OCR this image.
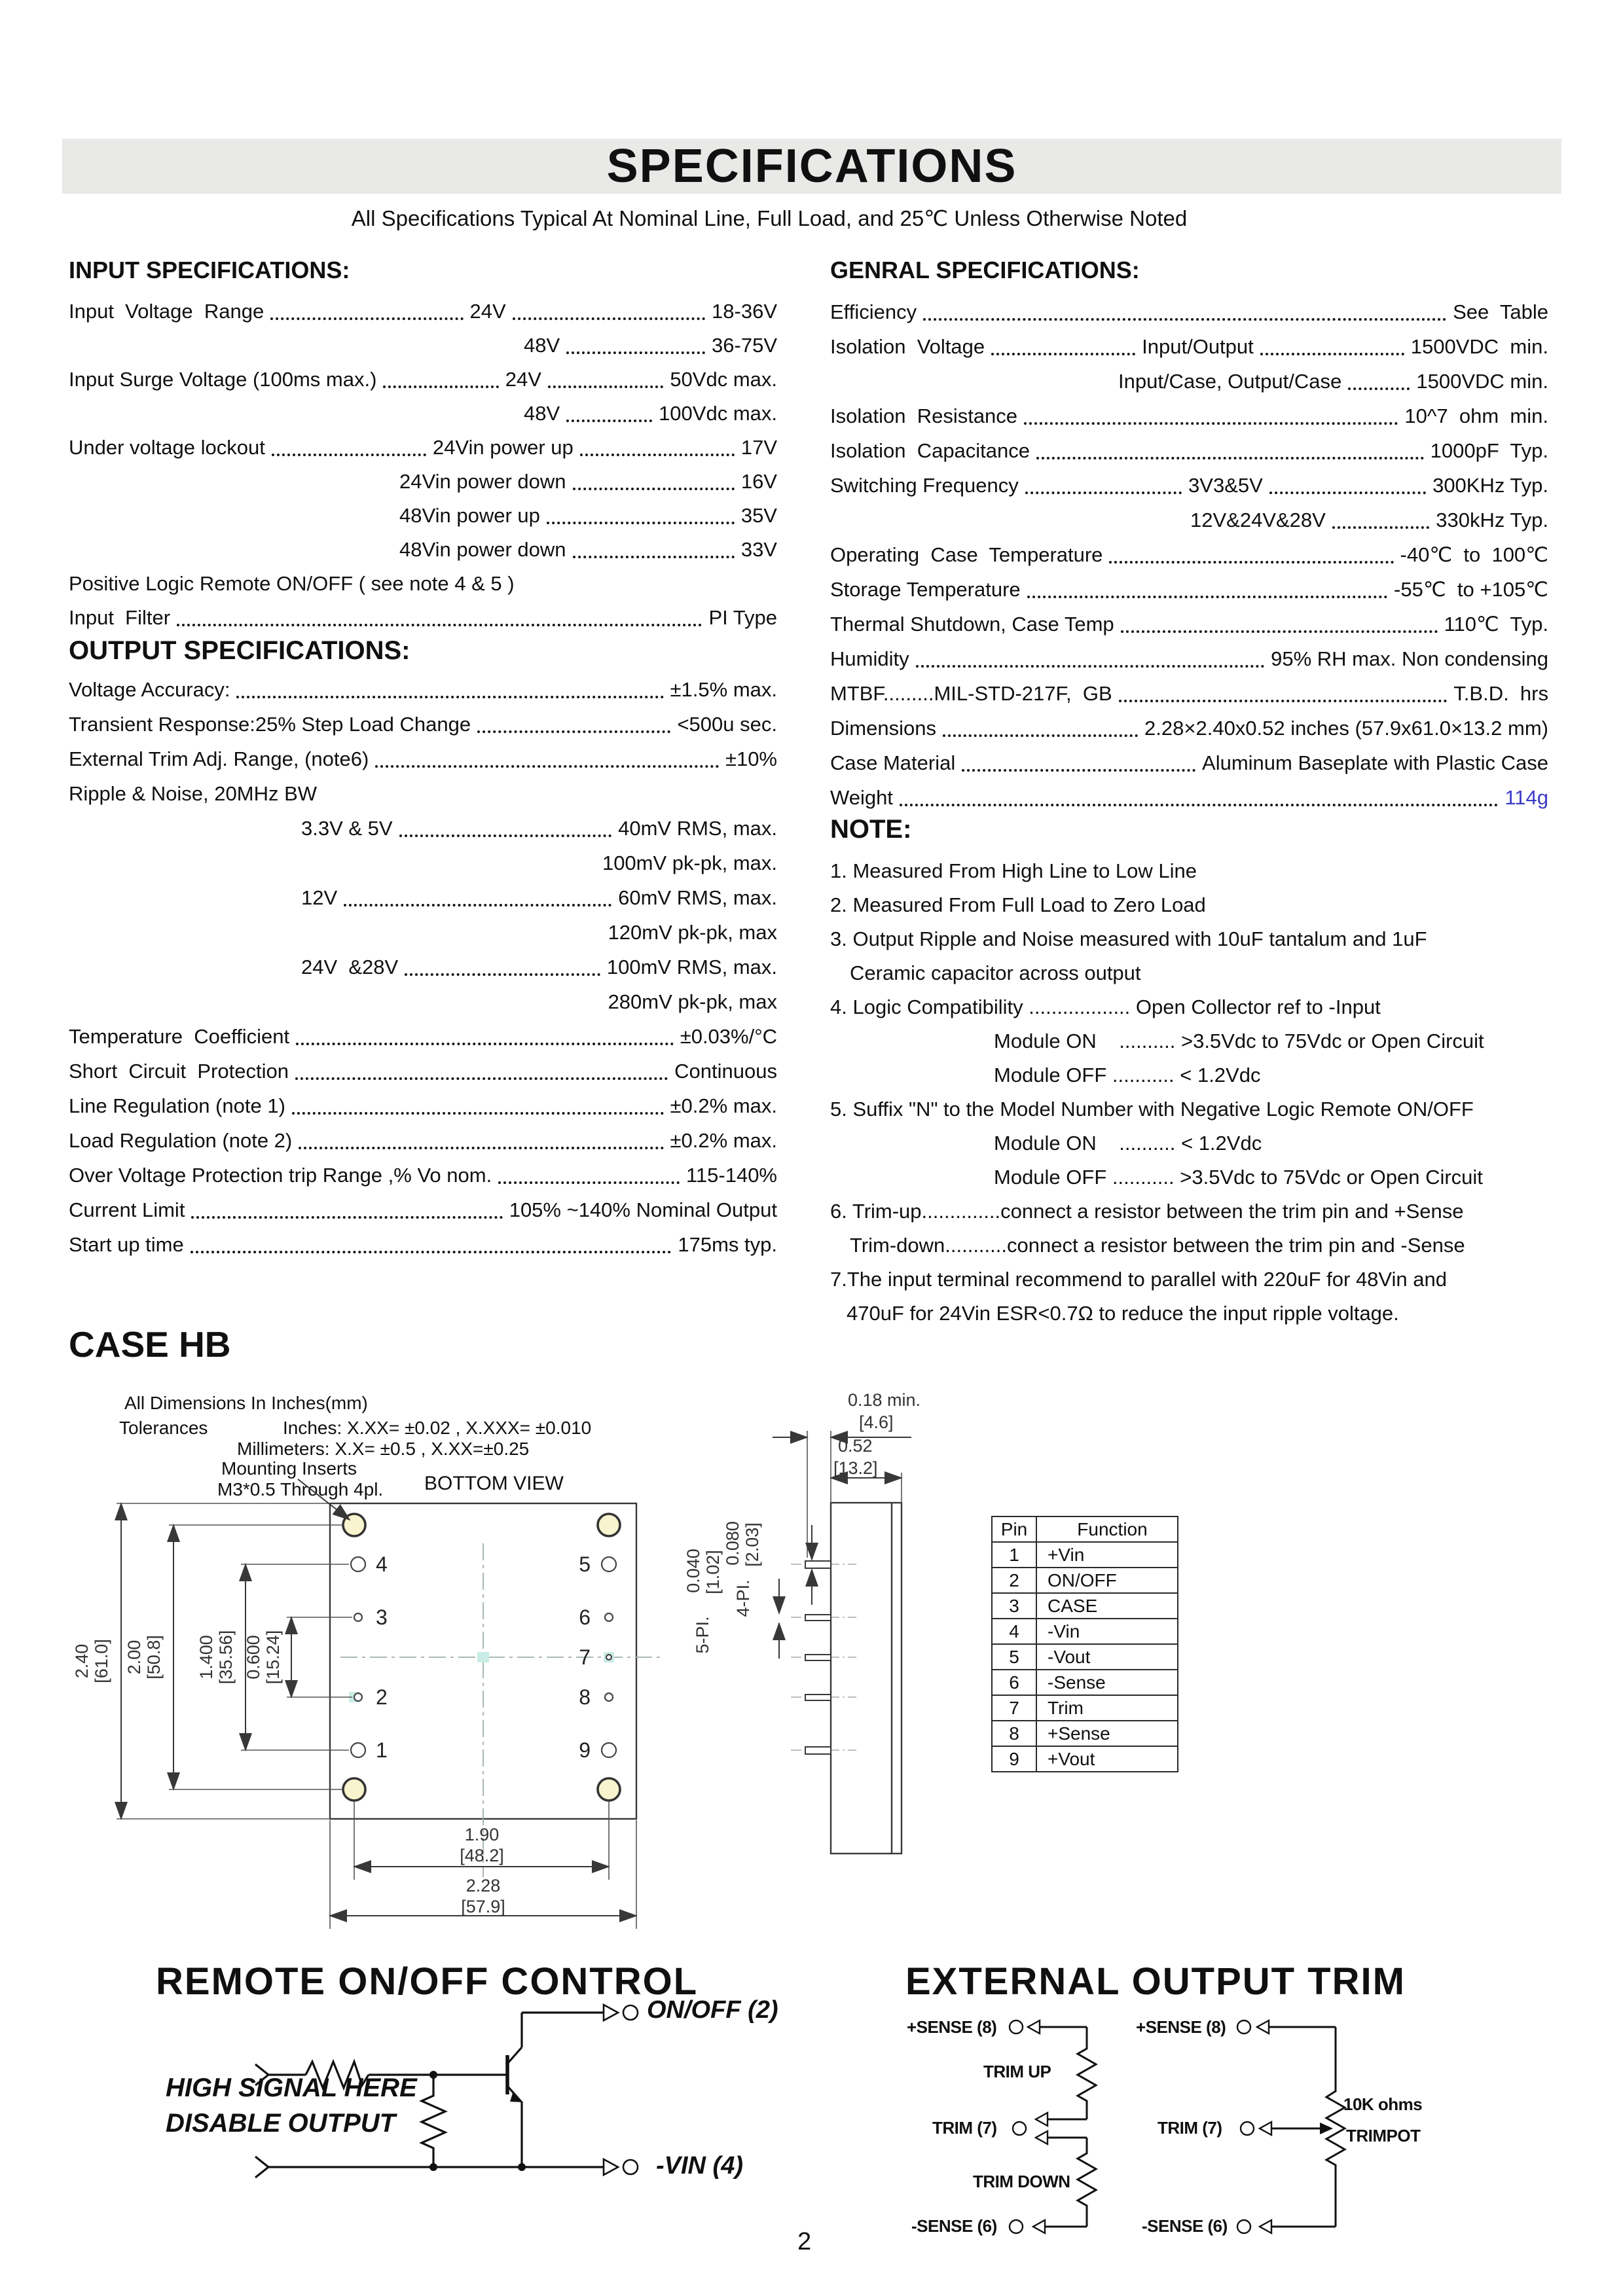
SPECIFICATIONS
All Specifications Typical At Nominal Line, Full Load, and 25℃ Unless Otherwise Noted
INPUT SPECIFICATIONS:
Input  Voltage  Range	24V	18-36V
48V	36-75V
Input Surge Voltage (100ms max.)	24V	50Vdc max.
48V	100Vdc max.
Under voltage lockout	24Vin power up	17V
24Vin power down	16V
48Vin power up	35V
48Vin power down	33V
Positive Logic Remote ON/OFF ( see note 4 & 5 )
Input  Filter	PI Type
OUTPUT SPECIFICATIONS:
Voltage Accuracy:	±1.5% max.
Transient Response:25% Step Load Change	<500u sec.
External Trim Adj. Range, (note6)	±10%
Ripple & Noise, 20MHz BW
3.3V & 5V	40mV RMS, max.
100mV pk-pk, max.
12V	60mV RMS, max.
120mV pk-pk, max
24V  &28V	100mV RMS, max.
280mV pk-pk, max
Temperature  Coefficient	±0.03%/°C
Short  Circuit  Protection	Continuous
Line Regulation (note 1)	±0.2% max.
Load Regulation (note 2)	±0.2% max.
Over Voltage Protection trip Range ,% Vo nom.	115-140%
Current Limit	105% ~140% Nominal Output
Start up time	175ms typ.
GENRAL SPECIFICATIONS:
Efficiency	See  Table
Isolation  Voltage	Input/Output	1500VDC  min.
Input/Case, Output/Case	1500VDC min.
Isolation  Resistance	10^7  ohm  min.
Isolation  Capacitance	1000pF  Typ.
Switching Frequency	3V3&5V	300KHz Typ.
12V&24V&28V	330kHz Typ.
Operating  Case  Temperature	-40℃  to  100℃
Storage Temperature	-55℃  to +105℃
Thermal Shutdown, Case Temp	110℃  Typ.
Humidity	95% RH max. Non condensing
MTBF.........MIL-STD-217F,  GB	T.B.D.  hrs
Dimensions	2.28×2.40x0.52 inches (57.9x61.0×13.2 mm)
Case Material	Aluminum Baseplate with Plastic Case
Weight	114g
NOTE:
1. Measured From High Line to Low Line
2. Measured From Full Load to Zero Load
3. Output Ripple and Noise measured with 10uF tantalum and 1uF
Ceramic capacitor across output
4. Logic Compatibility .................. Open Collector ref to -Input
Module ON    .......... >3.5Vdc to 75Vdc or Open Circuit
Module OFF ........... < 1.2Vdc
5. Suffix "N" to the Model Number with Negative Logic Remote ON/OFF
Module ON    .......... < 1.2Vdc
Module OFF ........... >3.5Vdc to 75Vdc or Open Circuit
6. Trim-up..............connect a resistor between the trim pin and +Sense
Trim-down...........connect a resistor between the trim pin and -Sense
7.The input terminal recommend to parallel with 220uF for 48Vin and
470uF for 24Vin ESR<0.7Ω to reduce the input ripple voltage.
CASE HB
All Dimensions In Inches(mm)
Tolerances	Inches: X.XX= ±0.02 , X.XXX= ±0.010
Millimeters: X.X= ±0.5 , X.XX=±0.25
Mounting Inserts
M3*0.5 Through 4pl. BOTTOM VIEW
4
3
2
1
5
6
7
8
9
2.40 [61.0] 2.00 [50.8] 1.400 [35.56] 0.600 [15.24]
1.90
[48.2]
2.28
[57.9]
0.18 min.
[4.6]
0.52
[13.2]
0.040 [1.02]
5-PI.
0.080 [2.03]
4-PI.
Pin	Function
1	+Vin
2	ON/OFF
3	CASE
4	-Vin
5	-Vout
6	-Sense
7	Trim
8	+Sense
9	+Vout
REMOTE ON/OFF CONTROL
ON/OFF (2)
-VIN (4)
HIGH SIGNAL HERE
DISABLE OUTPUT
EXTERNAL OUTPUT TRIM
+SENSE (8)
TRIM UP
TRIM (7)
TRIM DOWN
-SENSE (6)
+SENSE (8)
TRIM (7)
10K ohms
TRIMPOT
-SENSE (6)
2
